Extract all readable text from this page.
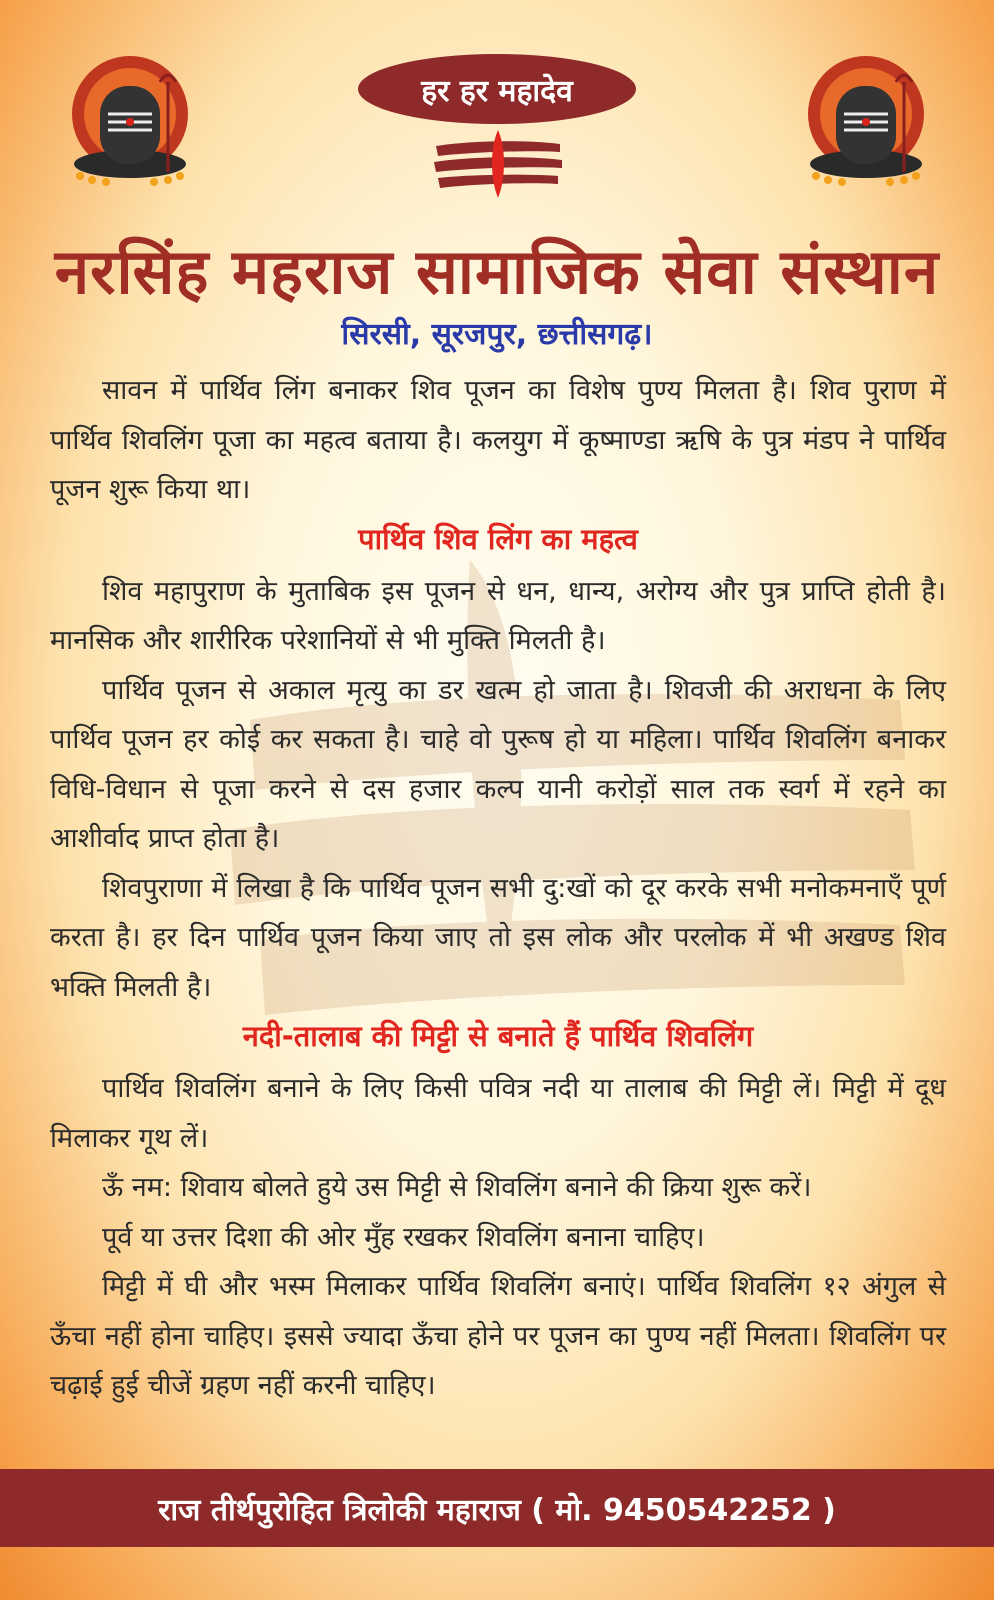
हर हर महादेव
नरसिंह महराज सामाजिक सेवा संस्थान
सिरसी, सूरजपुर, छत्तीसगढ़।

सावन में पार्थिव लिंग बनाकर शिव पूजन का विशेष पुण्य मिलता है। शिव पुराण में पार्थिव शिवलिंग पूजा का महत्व बताया है। कलयुग में कूष्माण्डा ऋषि के पुत्र मंडप ने पार्थिव पूजन शुरू किया था।

पार्थिव शिव लिंग का महत्व

शिव महापुराण के मुताबिक इस पूजन से धन, धान्य, अरोग्य और पुत्र प्राप्ति होती है। मानसिक और शारीरिक परेशानियों से भी मुक्ति मिलती है।

पार्थिव पूजन से अकाल मृत्यु का डर खत्म हो जाता है। शिवजी की अराधना के लिए पार्थिव पूजन हर कोई कर सकता है। चाहे वो पुरूष हो या महिला। पार्थिव शिवलिंग बनाकर विधि-विधान से पूजा करने से दस हजार कल्प यानी करोड़ों साल तक स्वर्ग में रहने का आशीर्वाद प्राप्त होता है।

शिवपुराणा में लिखा है कि पार्थिव पूजन सभी दु:खों को दूर करके सभी मनोकमनाएँ पूर्ण करता है। हर दिन पार्थिव पूजन किया जाए तो इस लोक और परलोक में भी अखण्ड शिव भक्ति मिलती है।

नदी-तालाब की मिट्टी से बनाते हैं पार्थिव शिवलिंग

पार्थिव शिवलिंग बनाने के लिए किसी पवित्र नदी या तालाब की मिट्टी लें। मिट्टी में दूध मिलाकर गूथ लें।

ऊँ नम: शिवाय बोलते हुये उस मिट्टी से शिवलिंग बनाने की क्रिया शुरू करें।

पूर्व या उत्तर दिशा की ओर मुँह रखकर शिवलिंग बनाना चाहिए।

मिट्टी में घी और भस्म मिलाकर पार्थिव शिवलिंग बनाएं। पार्थिव शिवलिंग १२ अंगुल से ऊँचा नहीं होना चाहिए। इससे ज्यादा ऊँचा होने पर पूजन का पुण्य नहीं मिलता। शिवलिंग पर चढ़ाई हुई चीजें ग्रहण नहीं करनी चाहिए।

राज तीर्थपुरोहित त्रिलोकी महाराज ( मो. 9450542252 )
